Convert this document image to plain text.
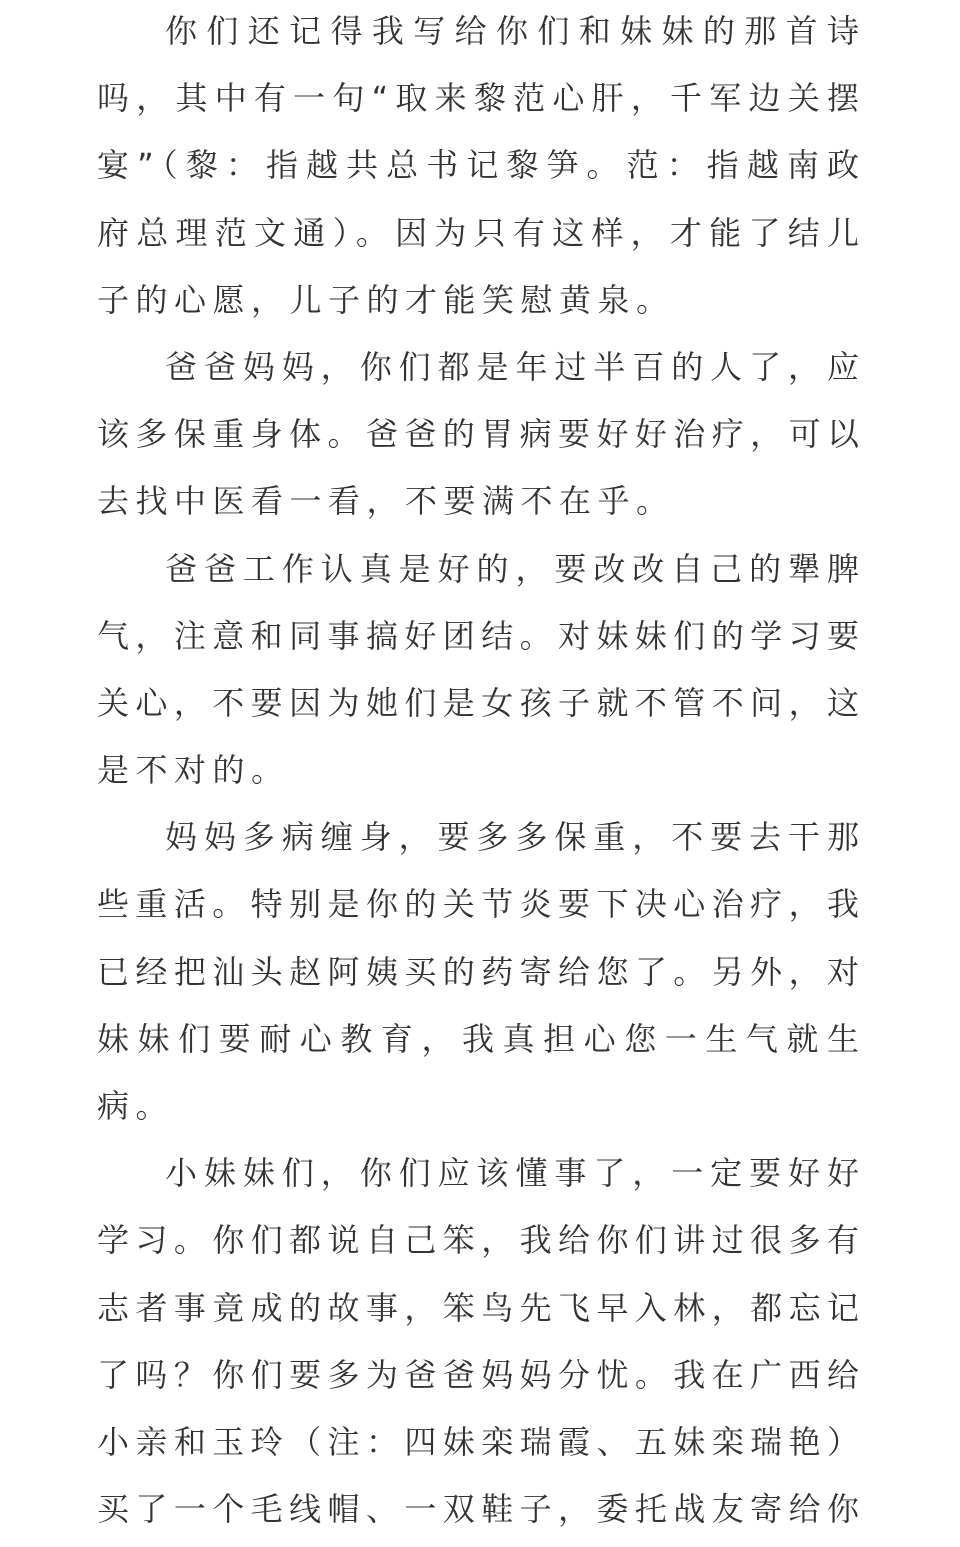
你们还记得我写给你们和妹妹的那首诗
吗，其中有一句“取来黎范心肝，千军边关摆
宴”（黎：指越共总书记黎笋。范：指越南政
府总理范文通）。因为只有这样，才能了结儿
子的心愿，儿子的才能笑慰黄泉。

爸爸妈妈，你们都是年过半百的人了，应
该多保重身体。爸爸的胃病要好好治疗，可以
去找中医看一看，不要满不在乎。

爸爸工作认真是好的，要改改自己的犟脾
气，注意和同事搞好团结。对妹妹们的学习要
关心，不要因为她们是女孩子就不管不问，这
是不对的。

妈妈多病缠身，要多多保重，不要去干那
些重活。特别是你的关节炎要下决心治疗，我
已经把汕头赵阿姨买的药寄给您了。另外，对
妹妹们要耐心教育，我真担心您一生气就生
病。

小妹妹们，你们应该懂事了，一定要好好
学习。你们都说自己笨，我给你们讲过很多有
志者事竟成的故事，笨鸟先飞早入林，都忘记
了吗？你们要多为爸爸妈妈分忧。我在广西给
小亲和玉玲（注：四妹栾瑞霞、五妹栾瑞艳）
买了一个毛线帽、一双鞋子，委托战友寄给你
